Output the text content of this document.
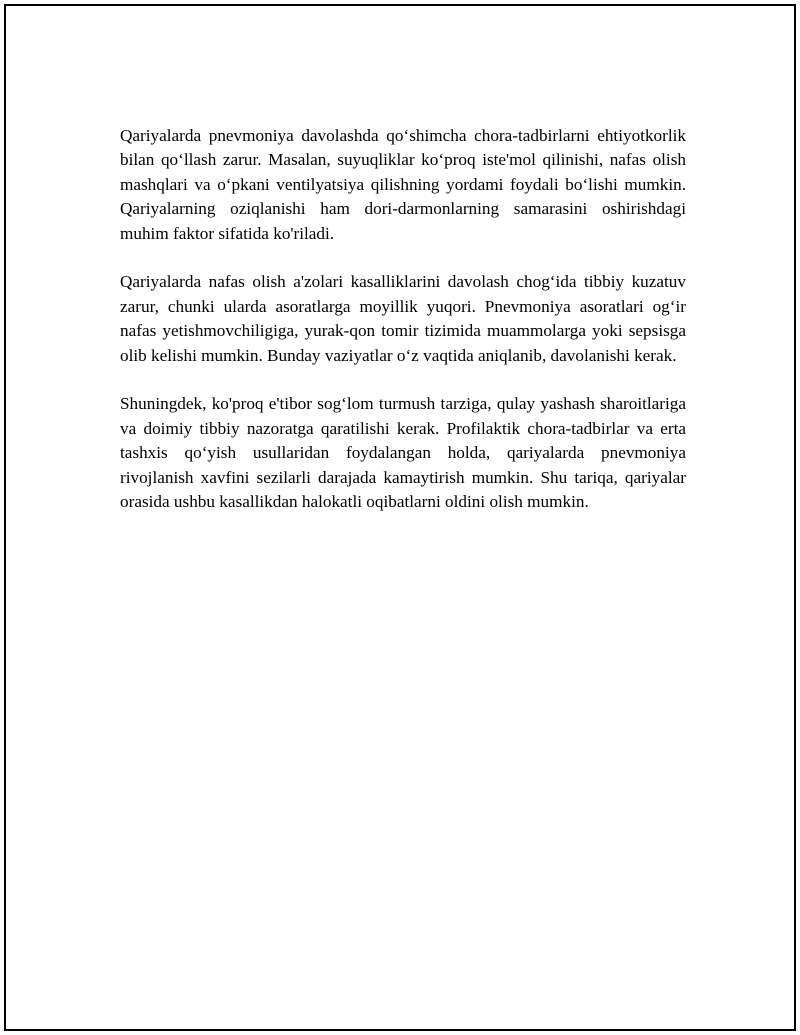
Qariyalarda pnevmoniya davolashda qo‘shimcha chora-tadbirlarni ehtiyotkorlik bilan qo‘llash zarur. Masalan, suyuqliklar ko‘proq iste'mol qilinishi, nafas olish mashqlari va o‘pkani ventilyatsiya qilishning yordami foydali bo‘lishi mumkin. Qariyalarning oziqlanishi ham dori-darmonlarning samarasini oshirishdagi muhim faktor sifatida ko'riladi.

Qariyalarda nafas olish a'zolari kasalliklarini davolash chog‘ida tibbiy kuzatuv zarur, chunki ularda asoratlarga moyillik yuqori. Pnevmoniya asoratlari og‘ir nafas yetishmovchiligiga, yurak-qon tomir tizimida muammolarga yoki sepsisga olib kelishi mumkin. Bunday vaziyatlar o‘z vaqtida aniqlanib, davolanishi kerak.

Shuningdek, ko'proq e'tibor sog‘lom turmush tarziga, qulay yashash sharoitlariga va doimiy tibbiy nazoratga qaratilishi kerak. Profilaktik chora-tadbirlar va erta tashxis qo‘yish usullaridan foydalangan holda, qariyalarda pnevmoniya rivojlanish xavfini sezilarli darajada kamaytirish mumkin. Shu tariqa, qariyalar orasida ushbu kasallikdan halokatli oqibatlarni oldini olish mumkin.
